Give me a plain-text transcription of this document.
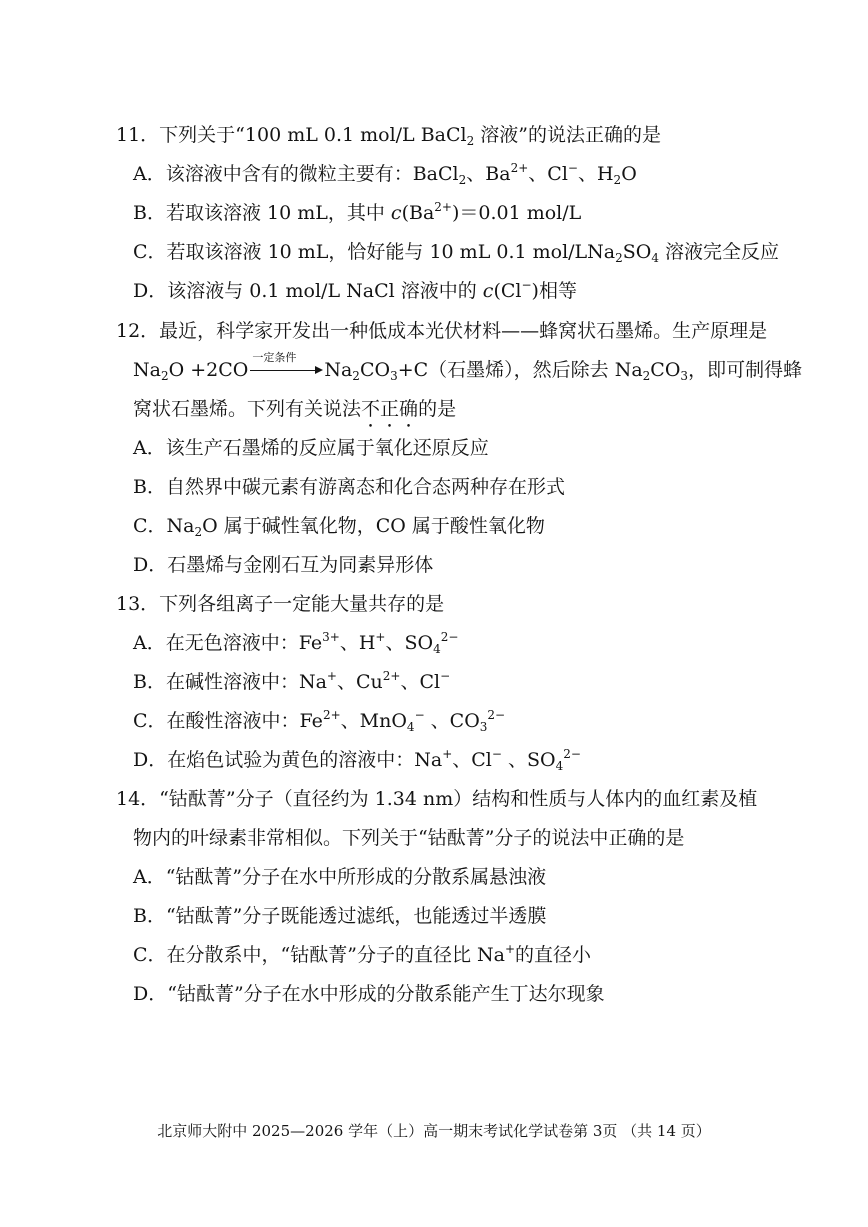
11．下列关于“100 mL 0.1 mol/L BaCl$_2$ 溶液”的说法正确的是
A．该溶液中含有的微粒主要有：BaCl$_2$、$Ba^{2+}$、Cl−、$H_2O$
B．若取该溶液 10 mL，其中 $c(Ba^{2+})=0.01$ mol/L
C．若取该溶液 10 mL，恰好能与 10 mL 0.1 mol/$LNa_2SO_4$ 溶液完全反应
D．该溶液与 0.1 mol/L NaCl 溶液中的 c(Cl−)相等
12．最近，科学家开发出一种低成本光伏材料——蜂窝状石墨烯。生产原理是
$Na_2O +2CO$
一定条件
$Na_2CO_3+C$（石墨烯），然后除去 $Na_2CO_3$，即可制得蜂
窝状石墨烯。下列有关说法不正确的是
A．该生产石墨烯的反应属于氧化还原反应
B．自然界中碳元素有游离态和化合态两种存在形式
C．$Na_2O$ 属于碱性氧化物，CO 属于酸性氧化物
D．石墨烯与金刚石互为同素异形体
13．下列各组离子一定能大量共存的是
A．在无色溶液中：$Fe^{3+}$、H+、$SO_4^{2-}$
B．在碱性溶液中：Na+、$Cu^{2+}$、Cl−
C．在酸性溶液中：$Fe^{2+}$、MnO$_4$− 、$CO_3^{2-}$
D．在焰色试验为黄色的溶液中：Na+、Cl− 、$SO_4^{2-}$
14．“钴酞菁”分子（直径约为 1.34 nm）结构和性质与人体内的血红素及植
物内的叶绿素非常相似。下列关于“钴酞菁”分子的说法中正确的是
A．“钴酞菁”分子在水中所形成的分散系属悬浊液
B．“钴酞菁”分子既能透过滤纸，也能透过半透膜
C．在分散系中，“钴酞菁”分子的直径比 Na+的直径小
D．“钴酞菁”分子在水中形成的分散系能产生丁达尔现象
北京师大附中 2025—2026 学年（上）高一期末考试化学试卷第 3页 （共 14 页）
